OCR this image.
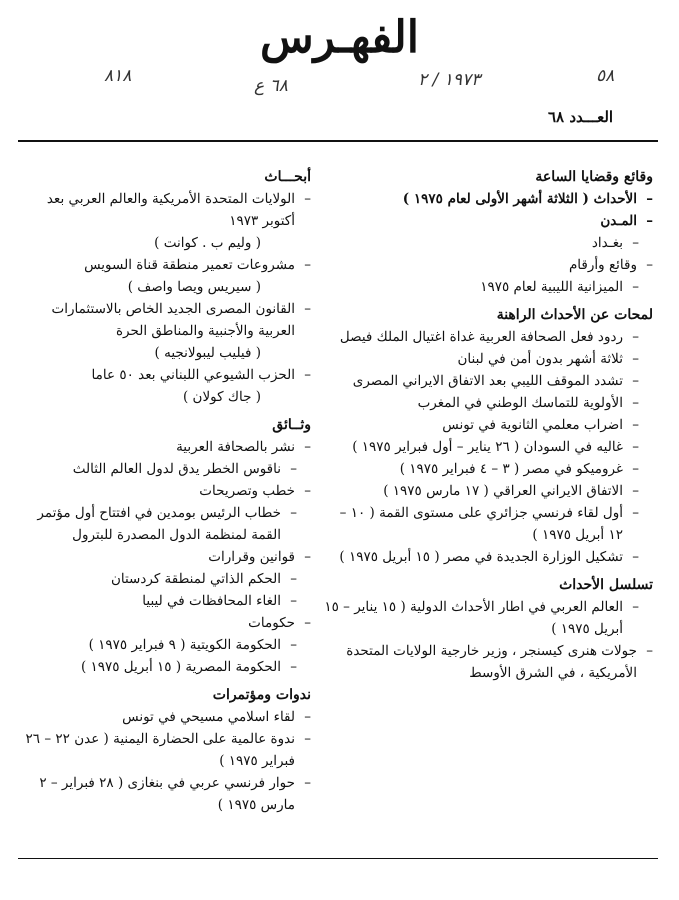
الفهـرس
٨١٨	٦٨ ع	١٩٧٣ / ٢	٥٨
العـــدد ٦٨
وقائع وقضايا الساعة
– الأحداث ( الثلاثة أشهر الأولى لعام ١٩٧٥ )
– المـدن
– بغـداد
– وقائع وأرقام
– الميزانية الليبية لعام ١٩٧٥
لمحات عن الأحداث الراهنة
– ردود فعل الصحافة العربية غداة اغتيال الملك فيصل
– ثلاثة أشهر بدون أمن في لبنان
– تشدد الموقف الليبي بعد الاتفاق الايراني المصرى
– الأولوية للتماسك الوطني في المغرب
– اضراب معلمي الثانوية في تونس
– غاليه في السودان ( ٢٦ يناير – أول فبراير ١٩٧٥ )
– غروميكو في مصر ( ٣ – ٤ فبراير ١٩٧٥ )
– الاتفاق الايراني العراقي ( ١٧ مارس ١٩٧٥ )
– أول لقاء فرنسي جزائري على مستوى القمة ( ١٠ – ١٢ أبريل ١٩٧٥ )
– تشكيل الوزارة الجديدة في مصر ( ١٥ أبريل ١٩٧٥ )
تسلسل الأحداث
– العالم العربي في اطار الأحداث الدولية ( ١٥ يناير – ١٥ أبريل ١٩٧٥ )
– جولات هنرى كيسنجر ، وزير خارجية الولايات المتحدة الأمريكية ، في الشرق الأوسط
أبحـــاث
– الولايات المتحدة الأمريكية والعالم العربي بعد أكتوبر ١٩٧٣
( وليم ب . كوانت )
– مشروعات تعمير منطقة قناة السويس
( سيريس ويصا واصف )
– القانون المصرى الجديد الخاص بالاستثمارات العربية والأجنبية والمناطق الحرة
( فيليب ليبولانجيه )
– الحزب الشيوعي اللبناني بعد ٥٠ عاما
( جاك كولان )
وثــائق
– نشر بالصحافة العربية
– ناقوس الخطر يدق لدول العالم الثالث
– خطب وتصريحات
– خطاب الرئيس بومدين في افتتاح أول مؤتمر القمة لمنظمة الدول المصدرة للبترول
– قوانين وقرارات
– الحكم الذاتي لمنطقة كردستان
– الغاء المحافظات في ليبيا
– حكومات
– الحكومة الكويتية ( ٩ فبراير ١٩٧٥ )
– الحكومة المصرية ( ١٥ أبريل ١٩٧٥ )
ندوات ومؤتمرات
– لقاء اسلامي مسيحي في تونس
– ندوة عالمية على الحضارة اليمنية ( عدن ٢٢ – ٢٦ فبراير ١٩٧٥ )
– حوار فرنسي عربي في بنغازى ( ٢٨ فبراير – ٢ مارس ١٩٧٥ )
